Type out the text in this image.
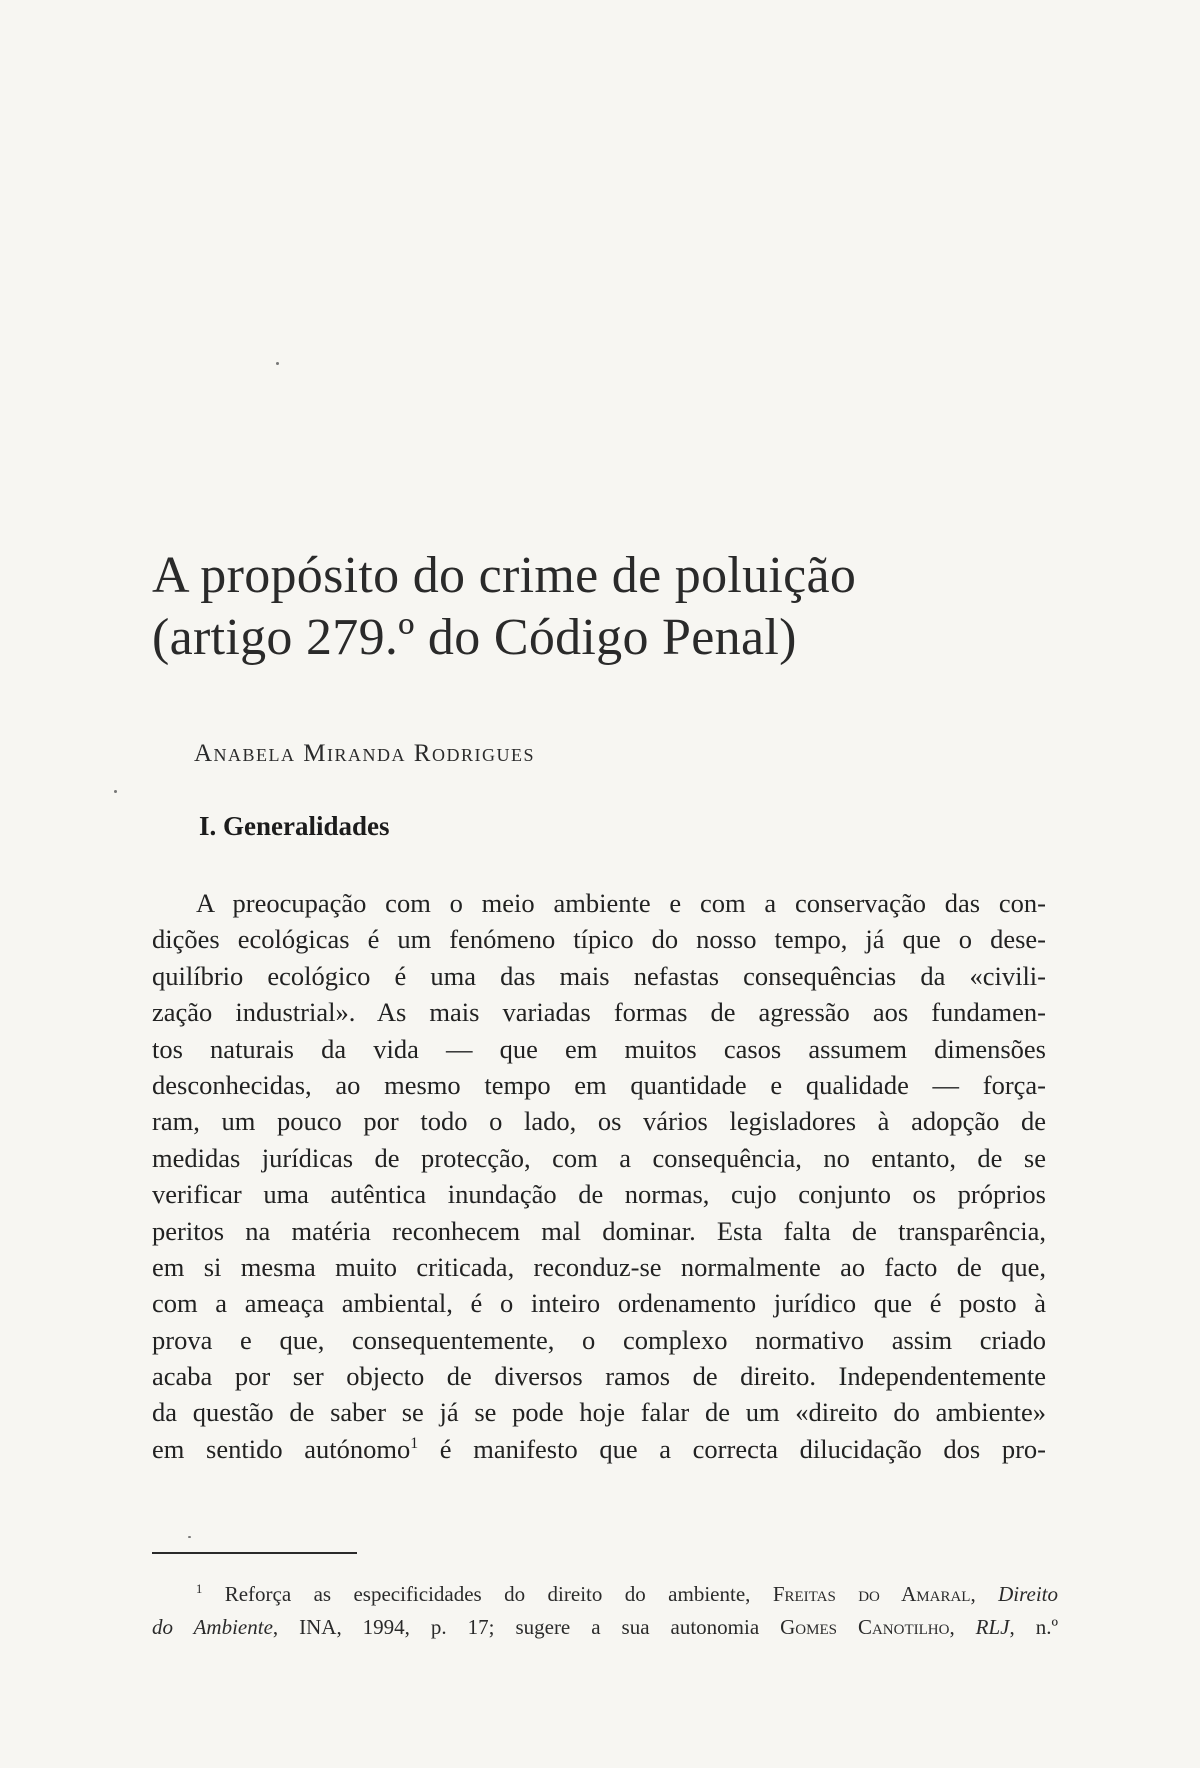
A propósito do crime de poluição
(artigo 279.º do Código Penal)
Anabela Miranda Rodrigues
I. Generalidades
A preocupação com o meio ambiente e com a conservação das con-
dições ecológicas é um fenómeno típico do nosso tempo, já que o dese-
quilíbrio ecológico é uma das mais nefastas consequências da «civili-
zação industrial». As mais variadas formas de agressão aos fundamen-
tos naturais da vida — que em muitos casos assumem dimensões
desconhecidas, ao mesmo tempo em quantidade e qualidade — força-
ram, um pouco por todo o lado, os vários legisladores à adopção de
medidas jurídicas de protecção, com a consequência, no entanto, de se
verificar uma autêntica inundação de normas, cujo conjunto os próprios
peritos na matéria reconhecem mal dominar. Esta falta de transparência,
em si mesma muito criticada, reconduz-se normalmente ao facto de que,
com a ameaça ambiental, é o inteiro ordenamento jurídico que é posto à
prova e que, consequentemente, o complexo normativo assim criado
acaba por ser objecto de diversos ramos de direito. Independentemente
da questão de saber se já se pode hoje falar de um «direito do ambiente»
em sentido autónomo$^1$ é manifesto que a correcta dilucidação dos pro-
$^1$ Reforça as especificidades do direito do ambiente, Freitas do Amaral, Direito
do Ambiente, INA, 1994, p. 17; sugere a sua autonomia Gomes Canotilho, RLJ, n.º
